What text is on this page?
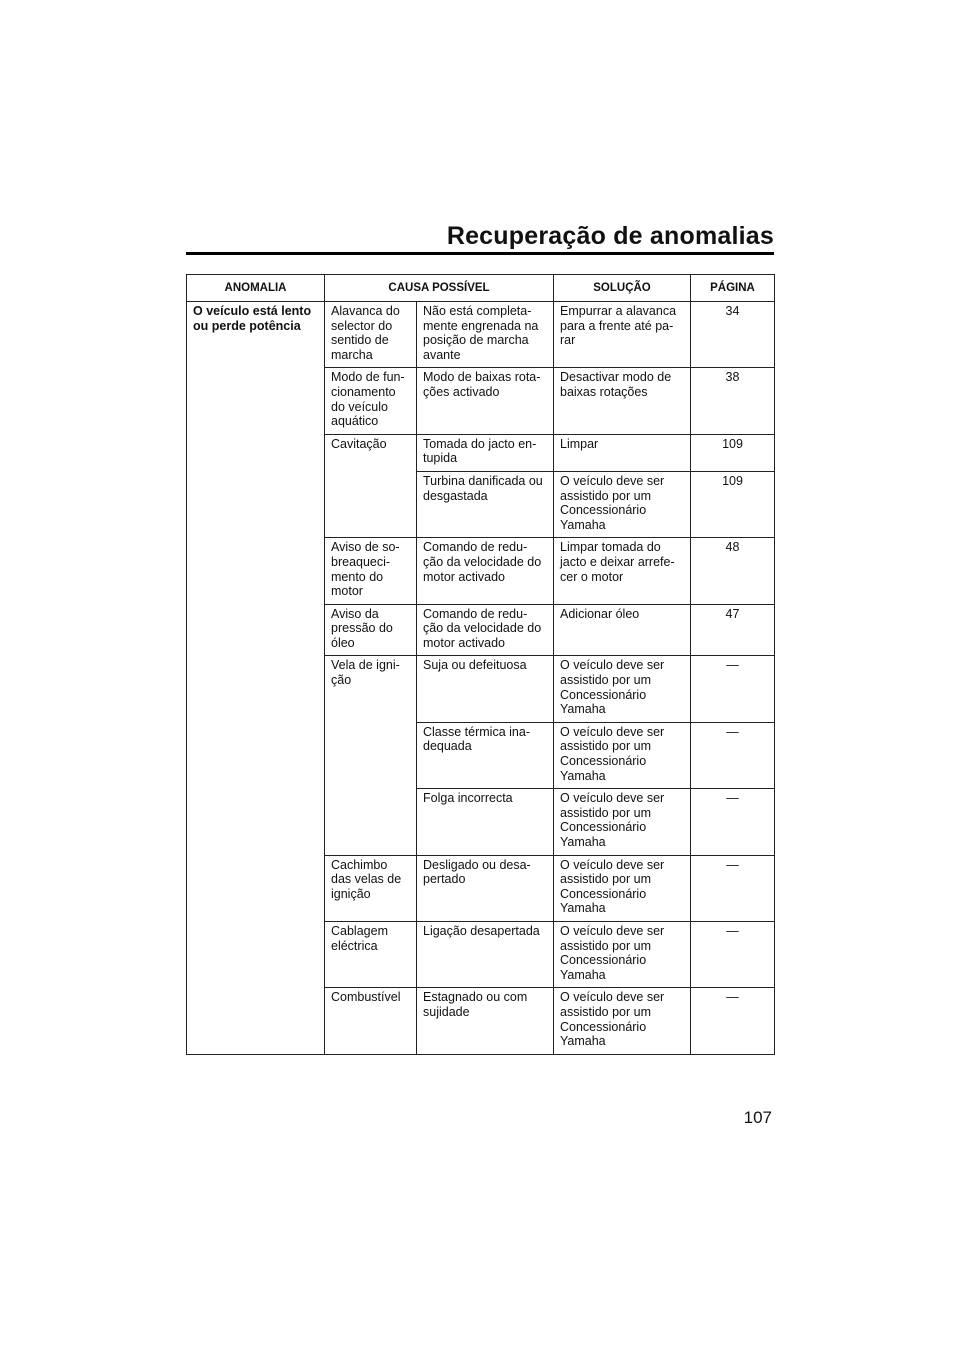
Recuperação de anomalias
ANOMALIA	CAUSA POSSÍVEL		SOLUÇÃO	PÁGINA
O veículo está lento
ou perde potência	Alavanca do
selector do
sentido de
marcha	Não está completa-
mente engrenada na
posição de marcha
avante	Empurrar a alavanca
para a frente até pa-
rar	34
	Modo de fun-
cionamento
do veículo
aquático	Modo de baixas rota-
ções activado	Desactivar modo de
baixas rotações	38
	Cavitação	Tomada do jacto en-
tupida	Limpar	109
		Turbina danificada ou
desgastada	O veículo deve ser
assistido por um
Concessionário
Yamaha	109
	Aviso de so-
breaqueci-
mento do
motor	Comando de redu-
ção da velocidade do
motor activado	Limpar tomada do
jacto e deixar arrefe-
cer o motor	48
	Aviso da
pressão do
óleo	Comando de redu-
ção da velocidade do
motor activado	Adicionar óleo	47
	Vela de igni-
ção	Suja ou defeituosa	O veículo deve ser
assistido por um
Concessionário
Yamaha	—
		Classe térmica ina-
dequada	O veículo deve ser
assistido por um
Concessionário
Yamaha	—
		Folga incorrecta	O veículo deve ser
assistido por um
Concessionário
Yamaha	—
	Cachimbo
das velas de
ignição	Desligado ou desa-
pertado	O veículo deve ser
assistido por um
Concessionário
Yamaha	—
	Cablagem
eléctrica	Ligação desapertada	O veículo deve ser
assistido por um
Concessionário
Yamaha	—
	Combustível	Estagnado ou com
sujidade	O veículo deve ser
assistido por um
Concessionário
Yamaha	—
107
